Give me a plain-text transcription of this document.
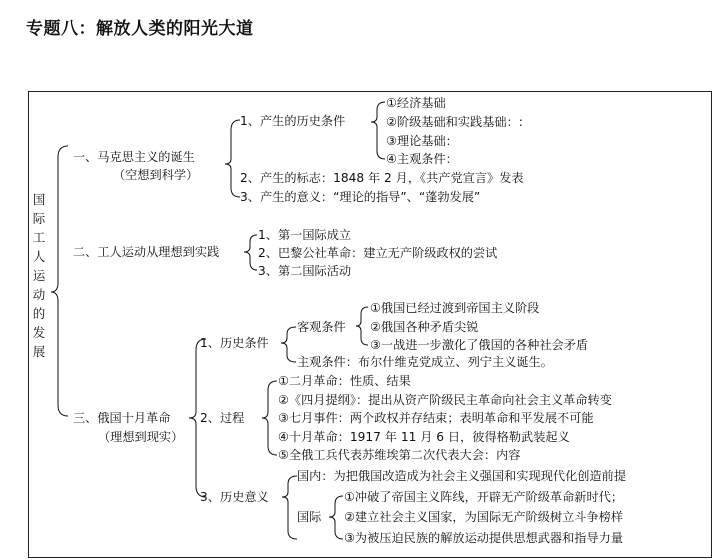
专题八：解放人类的阳光大道
国
际
工
人
运
动
的
发
展
一、马克思主义的诞生
（空想到科学）
1、产生的历史条件
①经济基础
②阶级基础和实践基础：:
③理论基础：
④主观条件：
2、产生的标志：1848 年 2 月，《共产党宣言》发表
3、产生的意义：“理论的指导”、“蓬勃发展”
二、工人运动从理想到实践
1、第一国际成立
2、巴黎公社革命：建立无产阶级政权的尝试
3、第二国际活动
三、俄国十月革命
（理想到现实）
1、历史条件
客观条件
①俄国已经过渡到帝国主义阶段
②俄国各种矛盾尖锐
③一战进一步激化了俄国的各种社会矛盾
主观条件：布尔什维克党成立、列宁主义诞生。
2、过程
①二月革命：性质、结果
②《四月提纲》：提出从资产阶级民主革命向社会主义革命转变
③七月事件：两个政权并存结束；表明革命和平发展不可能
④十月革命：1917 年 11 月 6 日，彼得格勒武装起义
⑤全俄工兵代表苏维埃第二次代表大会：内容
3、历史意义
国内：为把俄国改造成为社会主义强国和实现现代化创造前提
国际
①冲破了帝国主义阵线，开辟无产阶级革命新时代；
②建立社会主义国家，为国际无产阶级树立斗争榜样
③为被压迫民族的解放运动提供思想武器和指导力量
